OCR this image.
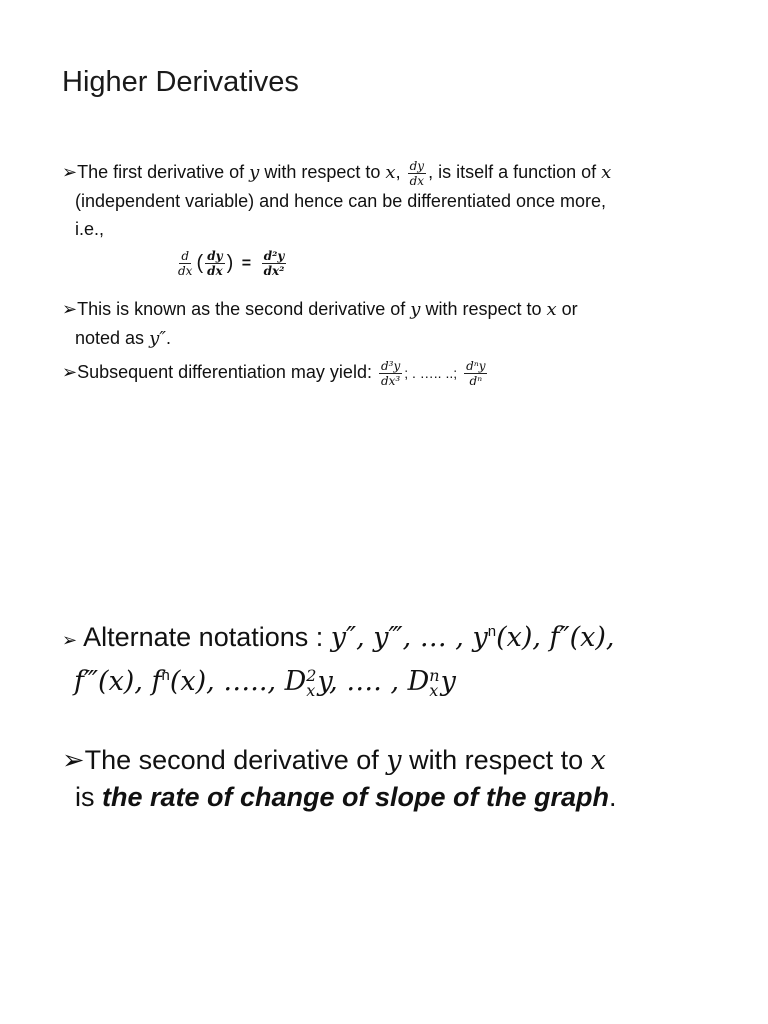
Higher Derivatives
➢The first derivative of y with respect to x, $\frac{dy}{dx}$ , is itself a function of x
(independent variable) and hence can be differentiated once more,
i.e.,
$\frac{d}{dx}$ ( $\frac{dy}{dx}$ ) = $\frac{\text{d²y}}{\text{dx²}}$
➢This is known as the second derivative of y with respect to x or
noted as y″.
➢Subsequent differentiation may yield: $\frac{\text{d³y}}{\text{dx³}}$ ; . ….. ..; $\frac{\text{dⁿy}}{\text{dⁿ}}$
➢ Alternate notations : y″, y‴, … , $y^n(x)$, f″(x),
f‴(x), $f^n(x)$, ….., D 2
x y, …. , D n
x y
➢The second derivative of y with respect to x
is the rate of change of slope of the graph.
